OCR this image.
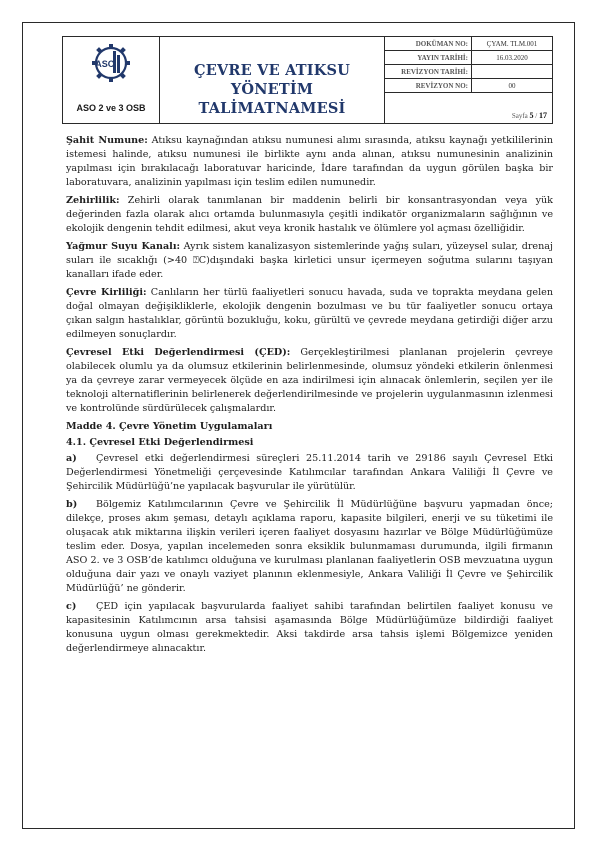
ASO
ASO 2 ve 3 OSB
ÇEVRE VE ATIKSU YÖNETİM
TALİMATNAMESİ
DOKÜMAN NO:	ÇYAM. TLM.001
YAYIN TARİHİ:	16.03.2020
REVİZYON TARİHİ:	
REVİZYON NO:	00
Sayfa 5 / 17

Şahit Numune: Atıksu kaynağından atıksu numunesi alımı sırasında, atıksu kaynağı yetkililerinin istemesi halinde, atıksu numunesi ile birlikte aynı anda alınan, atıksu numunesinin analizinin yapılması için bırakılacağı laboratuvar haricinde, İdare tarafından da uygun görülen başka bir laboratuvara, analizinin yapılması için teslim edilen numunedir.

Zehirlilik: Zehirli olarak tanımlanan bir maddenin belirli bir konsantrasyondan veya yük değerinden fazla olarak alıcı ortamda bulunmasıyla çeşitli indikatör organizmaların sağlığının ve ekolojik dengenin tehdit edilmesi, akut veya kronik hastalık ve ölümlere yol açması özelliğidir.

Yağmur Suyu Kanalı: Ayrık sistem kanalizasyon sistemlerinde yağış suları, yüzeysel sular, drenaj suları ile sıcaklığı (>40 ⍰C)dışındaki başka kirletici unsur içermeyen soğutma sularını taşıyan kanalları ifade eder.

Çevre Kirliliği: Canlıların her türlü faaliyetleri sonucu havada, suda ve toprakta meydana gelen doğal olmayan değişikliklerle, ekolojik dengenin bozulması ve bu tür faaliyetler sonucu ortaya çıkan salgın hastalıklar, görüntü bozukluğu, koku, gürültü ve çevrede meydana getirdiği diğer arzu edilmeyen sonuçlardır.

Çevresel Etki Değerlendirmesi (ÇED): Gerçekleştirilmesi planlanan projelerin çevreye olabilecek olumlu ya da olumsuz etkilerinin belirlenmesinde, olumsuz yöndeki etkilerin önlenmesi ya da çevreye zarar vermeyecek ölçüde en aza indirilmesi için alınacak önlemlerin, seçilen yer ile teknoloji alternatiflerinin belirlenerek değerlendirilmesinde ve projelerin uygulanmasının izlenmesi ve kontrolünde sürdürülecek çalışmalardır.

Madde 4. Çevre Yönetim Uygulamaları
4.1. Çevresel Etki Değerlendirmesi

a) Çevresel etki değerlendirmesi süreçleri 25.11.2014 tarih ve 29186 sayılı Çevresel Etki Değerlendirmesi Yönetmeliği çerçevesinde Katılımcılar tarafından Ankara Valiliği İl Çevre ve Şehircilik Müdürlüğü’ne yapılacak başvurular ile yürütülür.

b) Bölgemiz Katılımcılarının Çevre ve Şehircilik İl Müdürlüğüne başvuru yapmadan önce; dilekçe, proses akım şeması, detaylı açıklama raporu, kapasite bilgileri, enerji ve su tüketimi ile oluşacak atık miktarına ilişkin verileri içeren faaliyet dosyasını hazırlar ve Bölge Müdürlüğümüze teslim eder. Dosya, yapılan incelemeden sonra eksiklik bulunmaması durumunda, ilgili firmanın ASO 2. ve 3 OSB’de katılımcı olduğuna ve kurulması planlanan faaliyetlerin OSB mevzuatına uygun olduğuna dair yazı ve onaylı vaziyet planının eklenmesiyle, Ankara Valiliği İl Çevre ve Şehircilik Müdürlüğü’ ne gönderir.

c) ÇED için yapılacak başvurularda faaliyet sahibi tarafından belirtilen faaliyet konusu ve kapasitesinin Katılımcının arsa tahsisi aşamasında Bölge Müdürlüğümüze bildirdiği faaliyet konusuna uygun olması gerekmektedir. Aksi takdirde arsa tahsis işlemi Bölgemizce yeniden değerlendirmeye alınacaktır.
